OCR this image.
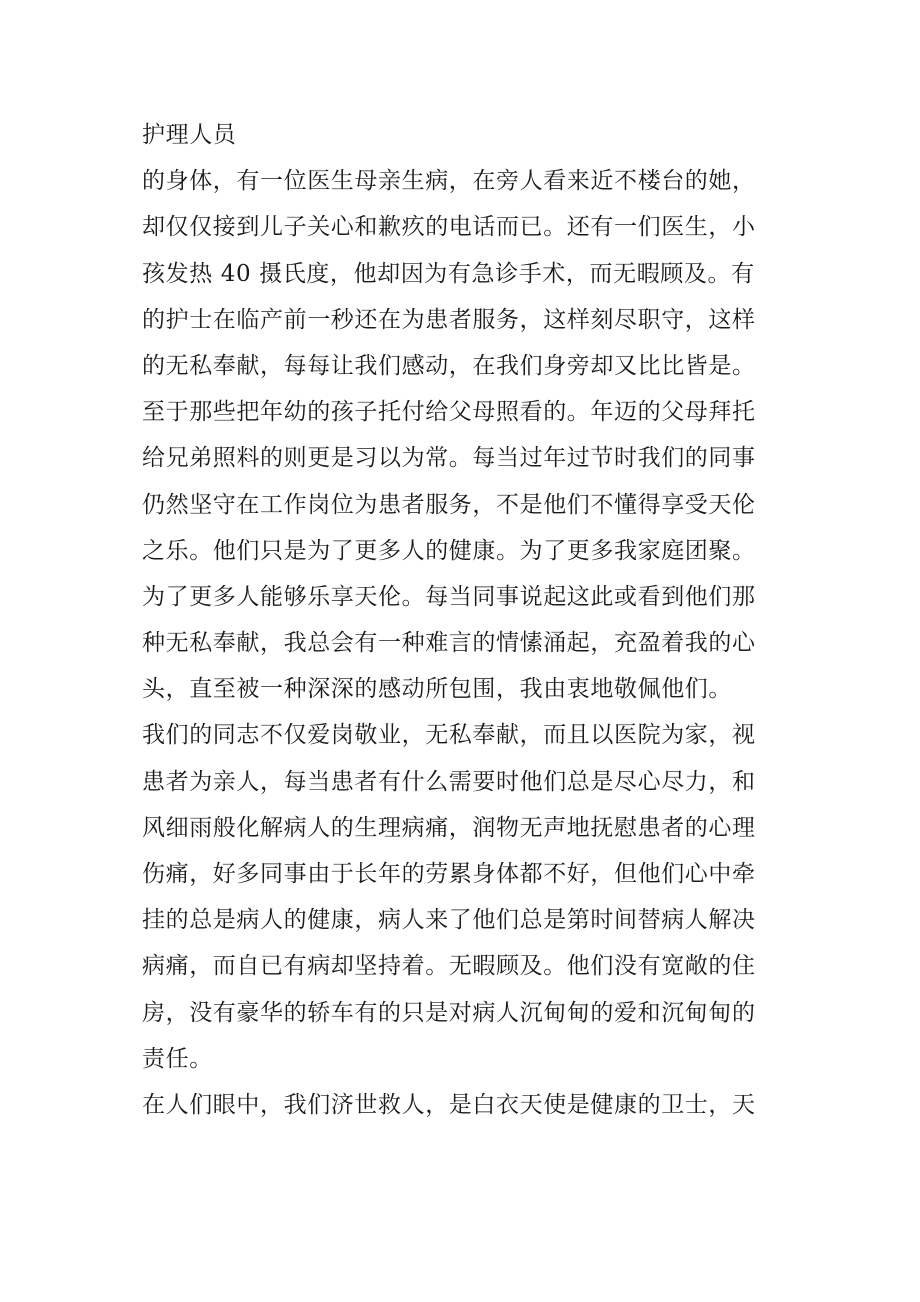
护理人员
的身体，有一位医生母亲生病，在旁人看来近不楼台的她，
却仅仅接到儿子关心和歉疚的电话而已。还有一们医生，小
孩发热 40 摄氏度，他却因为有急诊手术，而无暇顾及。有
的护士在临产前一秒还在为患者服务，这样刻尽职守，这样
的无私奉献，每每让我们感动，在我们身旁却又比比皆是。
至于那些把年幼的孩子托付给父母照看的。年迈的父母拜托
给兄弟照料的则更是习以为常。每当过年过节时我们的同事
仍然坚守在工作岗位为患者服务，不是他们不懂得享受天伦
之乐。他们只是为了更多人的健康。为了更多我家庭团聚。
为了更多人能够乐享天伦。每当同事说起这此或看到他们那
种无私奉献，我总会有一种难言的情愫涌起，充盈着我的心
头，直至被一种深深的感动所包围，我由衷地敬佩他们。
我们的同志不仅爱岗敬业，无私奉献，而且以医院为家，视
患者为亲人，每当患者有什么需要时他们总是尽心尽力，和
风细雨般化解病人的生理病痛，润物无声地抚慰患者的心理
伤痛，好多同事由于长年的劳累身体都不好，但他们心中牵
挂的总是病人的健康，病人来了他们总是第时间替病人解决
病痛，而自已有病却坚持着。无暇顾及。他们没有宽敞的住
房，没有豪华的轿车有的只是对病人沉甸甸的爱和沉甸甸的
责任。
在人们眼中，我们济世救人，是白衣天使是健康的卫士，天
